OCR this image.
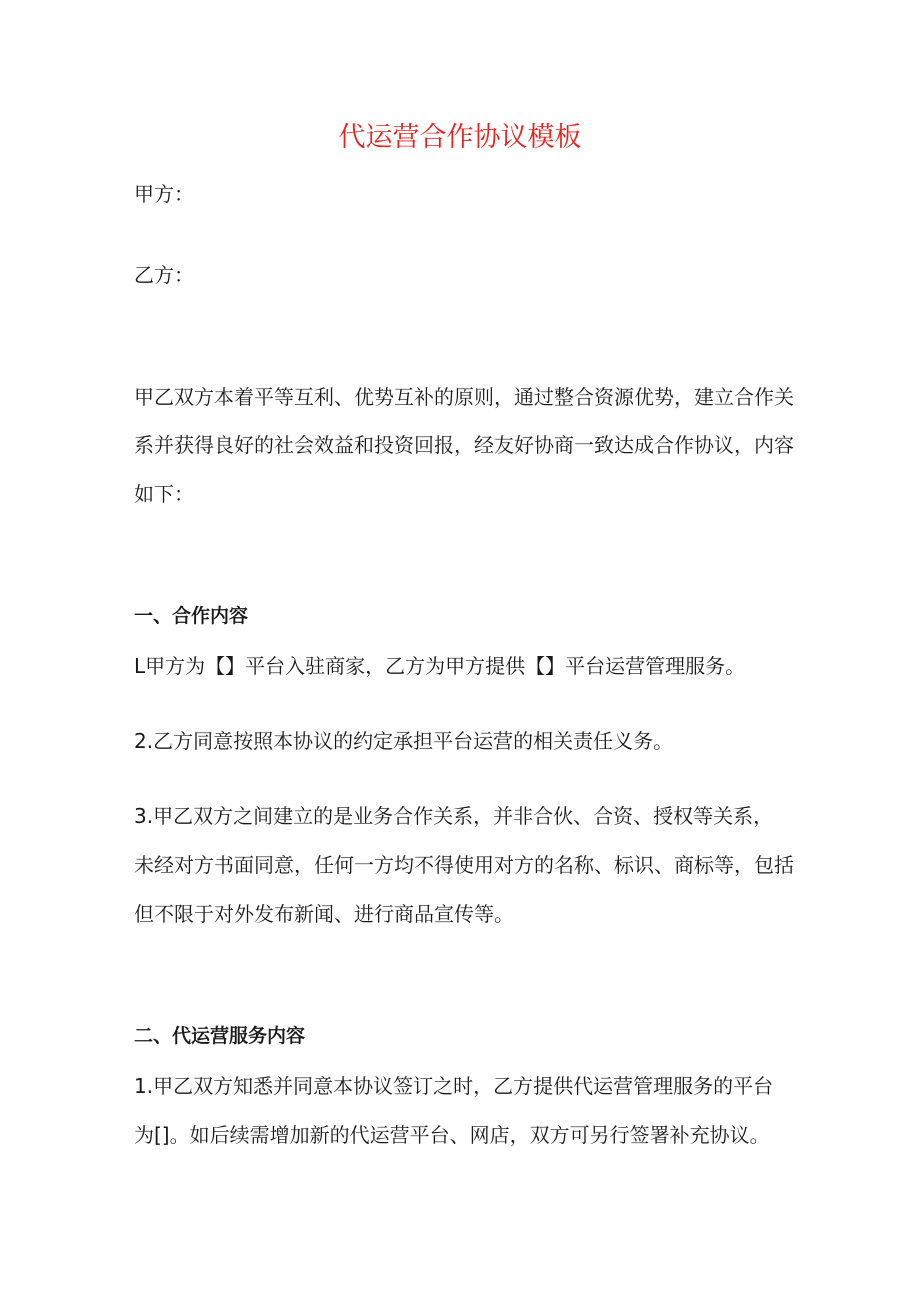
代运营合作协议模板
甲方：
乙方：
甲乙双方本着平等互利、优势互补的原则，通过整合资源优势，建立合作关
系并获得良好的社会效益和投资回报，经友好协商一致达成合作协议，内容
如下：
一、合作内容
L甲方为【】平台入驻商家，乙方为甲方提供【】平台运营管理服务。
2.乙方同意按照本协议的约定承担平台运营的相关责任义务。
3.甲乙双方之间建立的是业务合作关系，并非合伙、合资、授权等关系，
未经对方书面同意，任何一方均不得使用对方的名称、标识、商标等，包括
但不限于对外发布新闻、进行商品宣传等。
二、代运营服务内容
1.甲乙双方知悉并同意本协议签订之时，乙方提供代运营管理服务的平台
为[]。如后续需增加新的代运营平台、网店，双方可另行签署补充协议。
